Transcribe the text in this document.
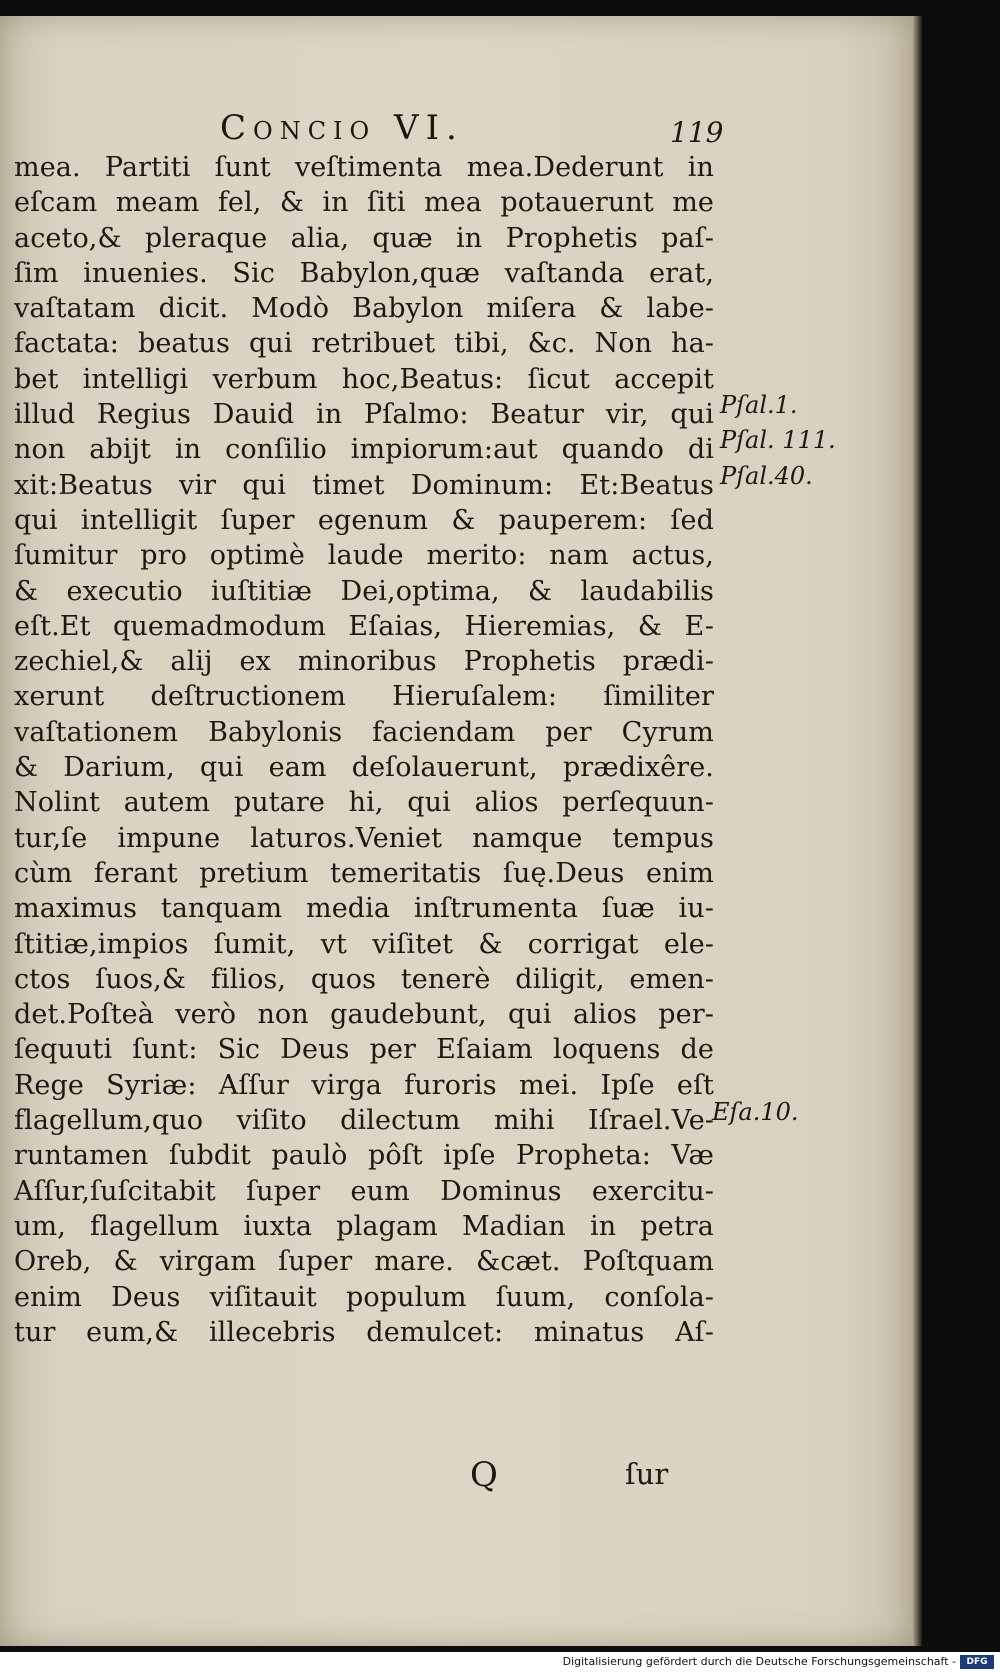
Concio VI.	119
mea. Partiti ſunt veſtimenta mea.Dederunt in
eſcam meam fel, & in ſiti mea potauerunt me
aceto,& pleraque alia, quæ in Prophetis paſ-
ſim inuenies. Sic Babylon,quæ vaſtanda erat,
vaſtatam dicit. Modò Babylon miſera & labe-
factata: beatus qui retribuet tibi, &c. Non ha-
bet intelligi verbum hoc,Beatus: ſicut accepit
illud Regius Dauid in Pſalmo: Beatur vir, qui
non abijt in conſilio impiorum:aut quando di
xit:Beatus vir qui timet Dominum: Et:Beatus
qui intelligit ſuper egenum & pauperem: ſed
ſumitur pro optimè laude merito: nam actus,
& executio iuſtitiæ Dei,optima, & laudabilis
eſt.Et quemadmodum Eſaias, Hieremias, & E-
zechiel,& alij ex minoribus Prophetis prædi-
xerunt deſtructionem Hieruſalem: ſimiliter
vaſtationem Babylonis faciendam per Cyrum
& Darium, qui eam deſolauerunt, prædixêre.
Nolint autem putare hi, qui alios perſequun-
tur,ſe impune laturos.Veniet namque tempus
cùm ferant pretium temeritatis ſuę.Deus enim
maximus tanquam media inſtrumenta ſuæ iu-
ſtitiæ,impios ſumit, vt viſitet & corrigat ele-
ctos ſuos,& filios, quos tenerè diligit, emen-
det.Poſteà verò non gaudebunt, qui alios per-
ſequuti ſunt: Sic Deus per Eſaiam loquens de
Rege Syriæ: Aſſur virga furoris mei. Ipſe eſt
flagellum,quo viſito dilectum mihi Iſrael.Ve-
runtamen ſubdit paulò pôſt ipſe Propheta: Væ
Aſſur,ſuſcitabit ſuper eum Dominus exercitu-
um, flagellum iuxta plagam Madian in petra
Oreb, & virgam ſuper mare. &cæt. Poſtquam
enim Deus viſitauit populum ſuum, conſola-
tur eum,& illecebris demulcet: minatus Aſ-
Pſal.1.
Pſal. 111.
Pſal.40.
Eſa.10.
Q	ſur
Digitalisierung gefördert durch die Deutsche Forschungsgemeinschaft -	DFG
